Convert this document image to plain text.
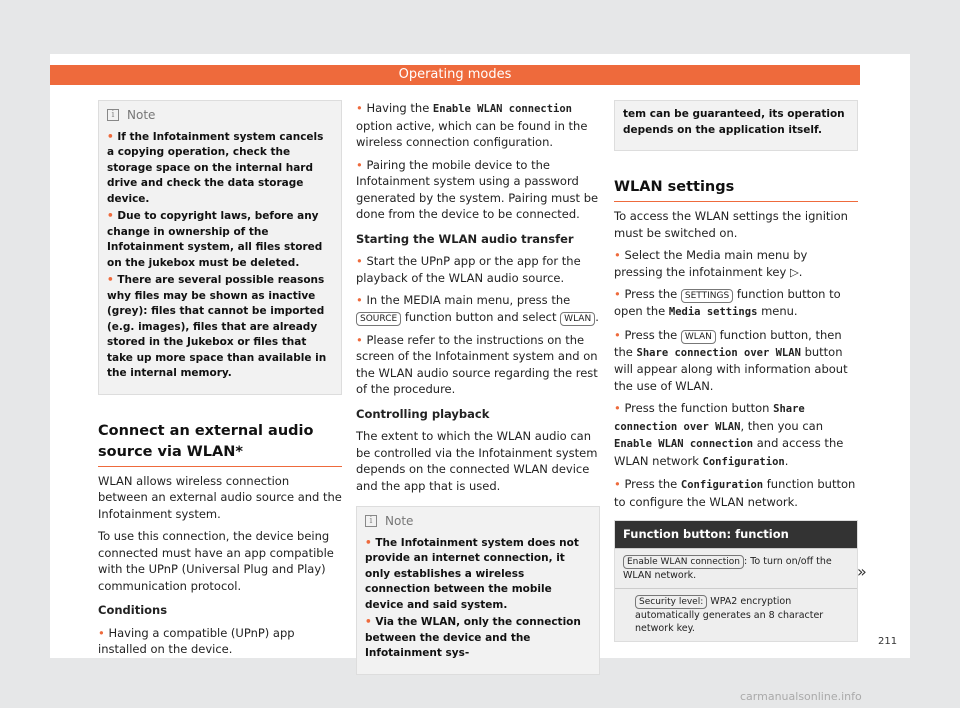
Operating modes
i	Note

• If the Infotainment system cancels a copying operation, check the storage space on the internal hard drive and check the data storage device.

• Due to copyright laws, before any change in ownership of the Infotainment system, all files stored on the jukebox must be deleted.

• There are several possible reasons why files may be shown as inactive (grey): files that cannot be imported (e.g. images), files that are already stored in the Jukebox or files that take up more space than available in the internal memory.

Connect an external audio source via WLAN*
WLAN allows wireless connection between an external audio source and the Infotainment system.
To use this connection, the device being connected must have an app compatible with the UPnP (Universal Plug and Play) communication protocol.
Conditions
• Having a compatible (UPnP) app installed on the device.
• Having the Enable WLAN connection option active, which can be found in the wireless connection configuration.
• Pairing the mobile device to the Infotainment system using a password generated by the system. Pairing must be done from the device to be connected.
Starting the WLAN audio transfer
• Start the UPnP app or the app for the playback of the WLAN audio source.
• In the MEDIA main menu, press the SOURCE function button and select WLAN .
• Please refer to the instructions on the screen of the Infotainment system and on the WLAN audio source regarding the rest of the procedure.
Controlling playback
The extent to which the WLAN audio can be controlled via the Infotainment system depends on the connected WLAN device and the app that is used.
i	Note

• The Infotainment system does not provide an internet connection, it only establishes a wireless connection between the mobile device and said system.

• Via the WLAN, only the connection between the device and the Infotainment sys-

tem can be guaranteed, its operation depends on the application itself.

WLAN settings
To access the WLAN settings the ignition must be switched on.
• Select the Media main menu by pressing the infotainment key ▷.
• Press the SETTINGS function button to open the Media settings menu.
• Press the WLAN function button, then the Share connection over WLAN button will appear along with information about the use of WLAN.
• Press the function button Share connection over WLAN, then you can Enable WLAN connection and access the WLAN network Configuration.
• Press the Configuration function button to configure the WLAN network.
Function button: function
Enable WLAN connection : To turn on/off the WLAN network.
Security level: WPA2 encryption automatically generates an 8 character network key.
»
211
carmanualsonline.info
